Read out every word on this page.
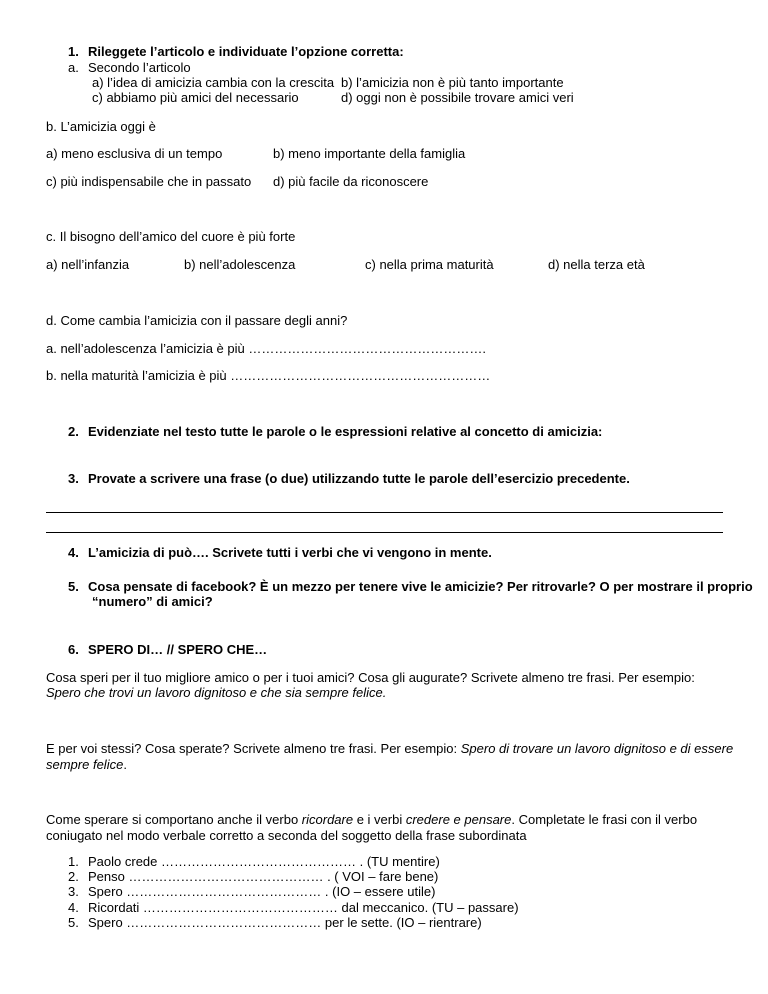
1. Rileggete l’articolo e individuate l’opzione corretta:
a. Secondo l’articolo
a) l’idea di amicizia cambia con la crescita b) l’amicizia non è più tanto importante
c) abbiamo più amici del necessario	d) oggi non è possibile trovare amici veri
b. L’amicizia oggi è
a) meno esclusiva di un tempo	b) meno importante della famiglia
c) più indispensabile che in passato d) più facile da riconoscere
c. Il bisogno dell’amico del cuore è più forte
a) nell’infanzia	b) nell’adolescenza	c) nella prima maturità	d) nella terza età
d. Come cambia l’amicizia con il passare degli anni?
a. nell’adolescenza l’amicizia è più ……………………………………………….
b. nella maturità l’amicizia è più ……………………………………………………
2. Evidenziate nel testo tutte le parole o le espressioni relative al concetto di amicizia:
3. Provate a scrivere una frase (o due) utilizzando tutte le parole dell’esercizio precedente.
4. L’amicizia di può…. Scrivete tutti i verbi che vi vengono in mente.
5. Cosa pensate di facebook? È un mezzo per tenere vive le amicizie? Per ritrovarle? O per mostrare il proprio
“numero” di amici?
6. SPERO DI… // SPERO CHE…
Cosa speri per il tuo migliore amico o per i tuoi amici? Cosa gli augurate? Scrivete almeno tre frasi. Per esempio:
Spero che trovi un lavoro dignitoso e che sia sempre felice.
E per voi stessi? Cosa sperate? Scrivete almeno tre frasi. Per esempio: Spero di trovare un lavoro dignitoso e di essere
sempre felice.
Come sperare si comportano anche il verbo ricordare e i verbi credere e pensare. Completate le frasi con il verbo
coniugato nel modo verbale corretto a seconda del soggetto della frase subordinata
1. Paolo crede ……………………………………… . (TU mentire)
2. Penso ……………………………………… . ( VOI – fare bene)
3. Spero ……………………………………… . (IO – essere utile)
4. Ricordati ……………………………………… dal meccanico. (TU – passare)
5. Spero ……………………………………… per le sette. (IO – rientrare)
